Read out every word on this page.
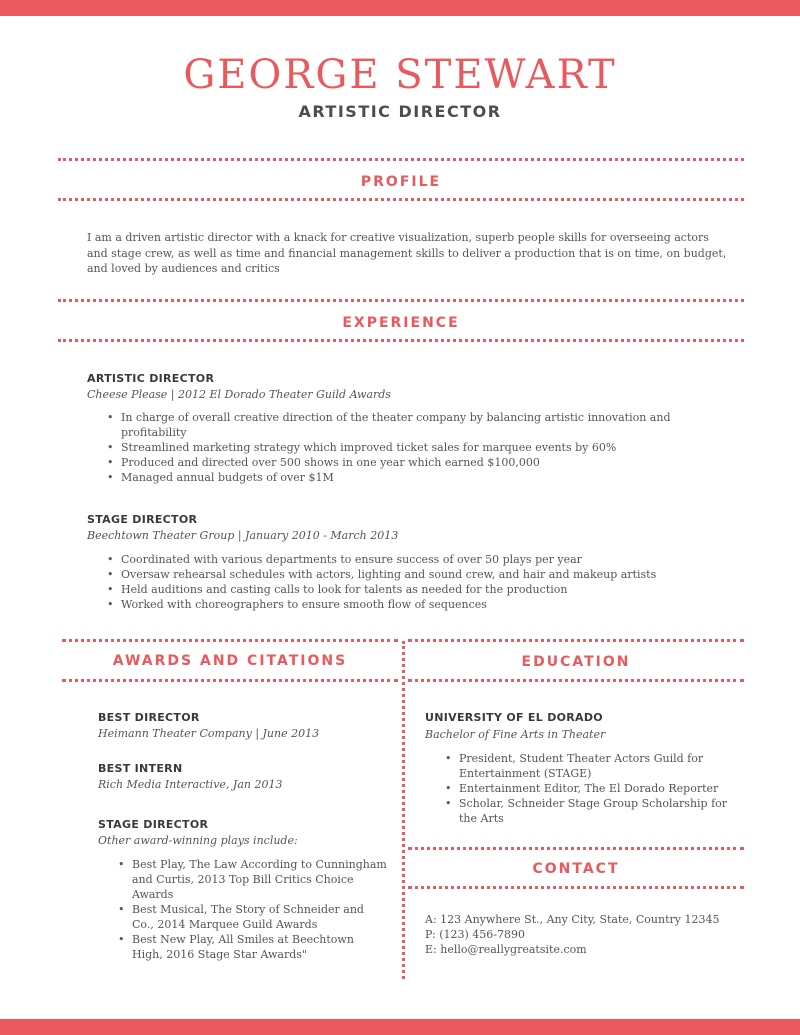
GEORGE STEWART
ARTISTIC DIRECTOR
PROFILE

I am a driven artistic director with a knack for creative visualization, superb people skills for overseeing actors and stage crew, as well as time and financial management skills to deliver a production that is on time, on budget, and loved by audiences and critics

EXPERIENCE
ARTISTIC DIRECTOR
Cheese Please | 2012 El Dorado Theater Guild Awards
• In charge of overall creative direction of the theater company by balancing artistic innovation and profitability
• Streamlined marketing strategy which improved ticket sales for marquee events by 60%
• Produced and directed over 500 shows in one year which earned $100,000
• Managed annual budgets of over $1M
STAGE DIRECTOR
Beechtown Theater Group | January 2010 - March 2013
• Coordinated with various departments to ensure success of over 50 plays per year
• Oversaw rehearsal schedules with actors, lighting and sound crew, and hair and makeup artists
• Held auditions and casting calls to look for talents as needed for the production
• Worked with choreographers to ensure smooth flow of sequences
AWARDS AND CITATIONS
BEST DIRECTOR
Heimann Theater Company | June 2013
BEST INTERN
Rich Media Interactive, Jan 2013
STAGE DIRECTOR
Other award-winning plays include:
• Best Play, The Law According to Cunningham and Curtis, 2013 Top Bill Critics Choice Awards
• Best Musical, The Story of Schneider and Co., 2014 Marquee Guild Awards
• Best New Play, All Smiles at Beechtown High, 2016 Stage Star Awards"
EDUCATION
UNIVERSITY OF EL DORADO
Bachelor of Fine Arts in Theater
• President, Student Theater Actors Guild for Entertainment (STAGE)
• Entertainment Editor, The El Dorado Reporter
• Scholar, Schneider Stage Group Scholarship for the Arts
CONTACT
A: 123 Anywhere St., Any City, State, Country 12345
P: (123) 456-7890
E: hello@reallygreatsite.com
